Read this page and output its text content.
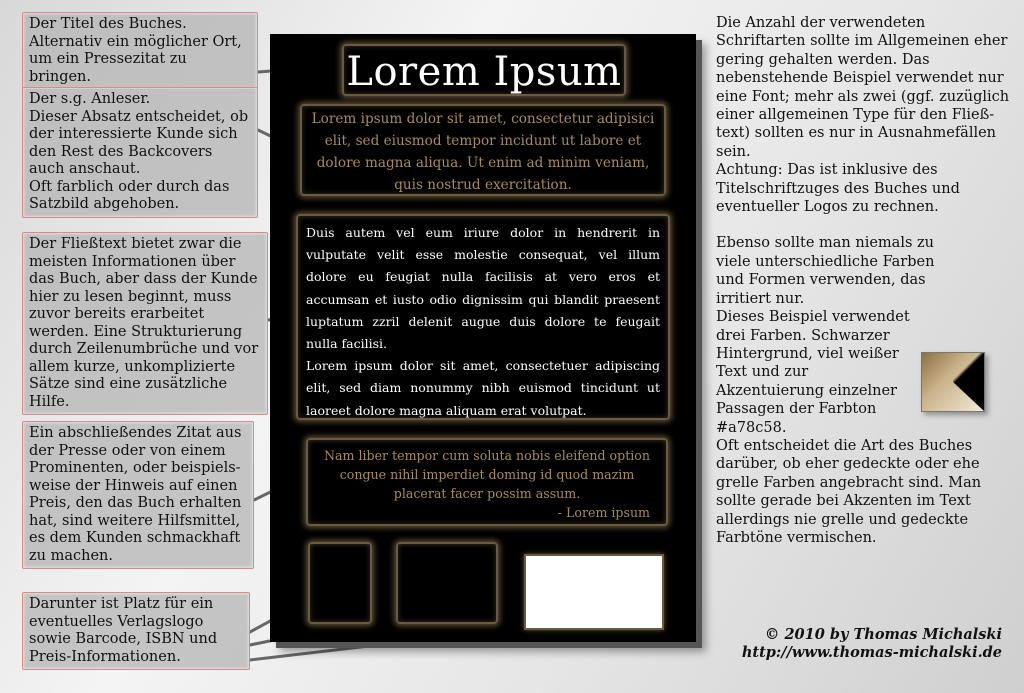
Der Titel des Buches. Alternativ ein möglicher Ort, um ein Pressezitat zu bringen.

Der s.g. Anleser.

Dieser Absatz entscheidet, ob der interessierte Kunde sich den Rest des Backcovers auch anschaut.

Oft farblich oder durch das Satzbild abgehoben.

Der Fließtext bietet zwar die meisten Informationen über das Buch, aber dass der Kunde hier zu lesen beginnt, muss zuvor bereits erarbeitet werden. Eine Strukturierung durch Zeilenumbrüche und vor allem kurze, unkomplizierte Sätze sind eine zusätzliche Hilfe.

Ein abschließendes Zitat aus der Presse oder von einem Prominenten, oder beispiels-weise der Hinweis auf einen Preis, den das Buch erhalten hat, sind weitere Hilfsmittel, es dem Kunden schmackhaft zu machen.

Darunter ist Platz für ein eventuelles Verlagslogo sowie Barcode, ISBN und Preis-Informationen.

Lorem Ipsum
Lorem ipsum dolor sit amet, consectetur adipisici elit, sed eiusmod tempor incidunt ut labore et dolore magna aliqua. Ut enim ad minim veniam, quis nostrud exercitation.

Duis autem vel eum iriure dolor in hendrerit in vulputate velit esse molestie consequat, vel illum dolore eu feugiat nulla facilisis at vero eros et accumsan et iusto odio dignissim qui blandit praesent luptatum zzril delenit augue duis dolore te feugait nulla facilisi.

Lorem ipsum dolor sit amet, consectetuer adipiscing elit, sed diam nonummy nibh euismod tincidunt ut laoreet dolore magna aliquam erat volutpat.

Nam liber tempor cum soluta nobis eleifend option congue nihil imperdiet doming id quod mazim placerat facer possim assum.
- Lorem ipsum

Die Anzahl der verwendeten Schriftarten sollte im Allgemeinen eher gering gehalten werden. Das nebenstehende Beispiel verwendet nur eine Font; mehr als zwei (ggf. zuzüglich einer allgemeinen Type für den Fließ-text) sollten es nur in Ausnahmefällen sein.

Achtung: Das ist inklusive des Titelschriftzuges des Buches und eventueller Logos zu rechnen.

Ebenso sollte man niemals zu viele unterschiedliche Farben und Formen verwenden, das irritiert nur.

Dieses Beispiel verwendet drei Farben. Schwarzer Hintergrund, viel weißer Text und zur Akzentuierung einzelner Passagen der Farbton #a78c58.

Oft entscheidet die Art des Buches darüber, ob eher gedeckte oder ehe grelle Farben angebracht sind. Man sollte gerade bei Akzenten im Text allerdings nie grelle und gedeckte Farbtöne vermischen.

© 2010 by Thomas Michalski
http://www.thomas-michalski.de
